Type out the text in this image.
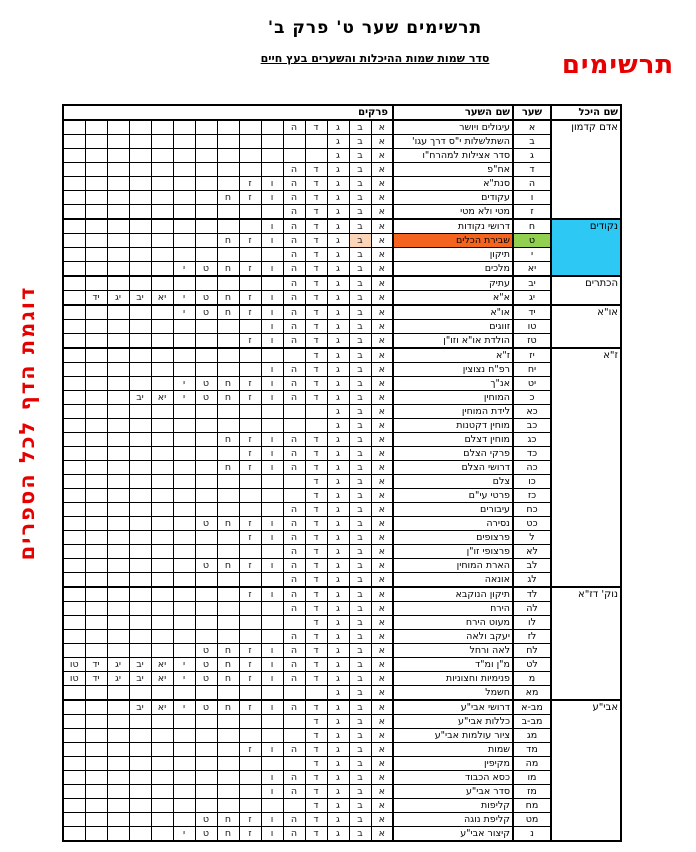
תרשימים שער ט' פרק ב'
סדר שמות שמות ההיכלות והשערים בעץ חיים	תרשימים
דוגמת הדף לכל הספרים
שם היכל	שער	שם השער	פרקים														
אדם קדמון	א	עיגולים ויושר	א	ב	ג	ד	ה										
	ב	השתלשלות י"ס דרך עגו'	א	ב	ג												
	ג	סדר אצילות למהרח"ו	א	ב	ג												
	ד	אח"פ	א	ב	ג	ד	ה										
	ה	סנת"א	א	ב	ג	ד	ה	ו	ז								
	ו	עקודים	א	ב	ג	ד	ה	ו	ז	ח							
	ז	מטי ולא מטי	א	ב	ג	ד	ה										
נקודים	ח	דרושי נקודות	א	ב	ג	ד	ה	ו									
	ט	שבירת הכלים	א	ב	ג	ד	ה	ו	ז	ח							
	י	תיקון	א	ב	ג	ד	ה										
	יא	מלכים	א	ב	ג	ד	ה	ו	ז	ח	ט	י					
הכתרים	יב	עתיק	א	ב	ג	ד	ה										
	יג	א"א	א	ב	ג	ד	ה	ו	ז	ח	ט	י	יא	יב	יג	יד	
או"א	יד	או"א	א	ב	ג	ד	ה	ו	ז	ח	ט	י					
	טו	זווגים	א	ב	ג	ד	ה	ו									
	טז	הולדת או"א וזו"ן	א	ב	ג	ד	ה	ו	ז								
ז"א	יז	ז"א	א	ב	ג	ד											
	יח	רפ"ח נצוצין	א	ב	ג	ד	ה	ו									
	יט	אנ"ך	א	ב	ג	ד	ה	ו	ז	ח	ט	י					
	כ	המוחין	א	ב	ג	ד	ה	ו	ז	ח	ט	י	יא	יב			
	כא	לידת המוחין	א	ב	ג												
	כב	מוחין דקטנות	א	ב	ג												
	כג	מוחין דצלם	א	ב	ג	ד	ה	ו	ז	ח							
	כד	פרקי הצלם	א	ב	ג	ד	ה	ו	ז								
	כה	דרושי הצלם	א	ב	ג	ד	ה	ו	ז	ח							
	כו	צלם	א	ב	ג	ד											
	כז	פרטי עי"ם	א	ב	ג	ד											
	כח	עיבורים	א	ב	ג	ד	ה										
	כט	נסירה	א	ב	ג	ד	ה	ו	ז	ח	ט						
	ל	פרצופים	א	ב	ג	ד	ה	ו	ז								
	לא	פרצופי זו"ן	א	ב	ג	ד	ה										
	לב	הארת המוחין	א	ב	ג	ד	ה	ו	ז	ח	ט						
	לג	אונאה	א	ב	ג	ד	ה										
נוק' דז"א	לד	תיקון הנוקבא	א	ב	ג	ד	ה	ו	ז								
	לה	הירח	א	ב	ג	ד	ה										
	לו	מעוט הירח	א	ב	ג	ד											
	לז	יעקב ולאה	א	ב	ג	ד	ה										
	לח	לאה ורחל	א	ב	ג	ד	ה	ו	ז	ח	ט						
	לט	מ"ן ומ"ד	א	ב	ג	ד	ה	ו	ז	ח	ט	י	יא	יב	יג	יד	טו
	מ	פנימיות וחצוניות	א	ב	ג	ד	ה	ו	ז	ח	ט	י	יא	יב	יג	יד	טו
	מא	חשמל	א	ב	ג												
אבי"ע	מב-א	דרושי אבי"ע	א	ב	ג	ד	ה	ו	ז	ח	ט	י	יא	יב			
	מב-ב	כללות אבי"ע	א	ב	ג	ד											
	מג	ציור עולמות אבי"ע	א	ב	ג	ד											
	מד	שמות	א	ב	ג	ד	ה	ו	ז								
	מה	מקיפין	א	ב	ג	ד											
	מו	כסא הכבוד	א	ב	ג	ד	ה	ו									
	מז	סדר אבי"ע	א	ב	ג	ד	ה	ו									
	מח	קליפות	א	ב	ג	ד											
	מט	קליפת נוגה	א	ב	ג	ד	ה	ו	ז	ח	ט						
	נ	קיצור אבי"ע	א	ב	ג	ד	ה	ו	ז	ח	ט	י					
